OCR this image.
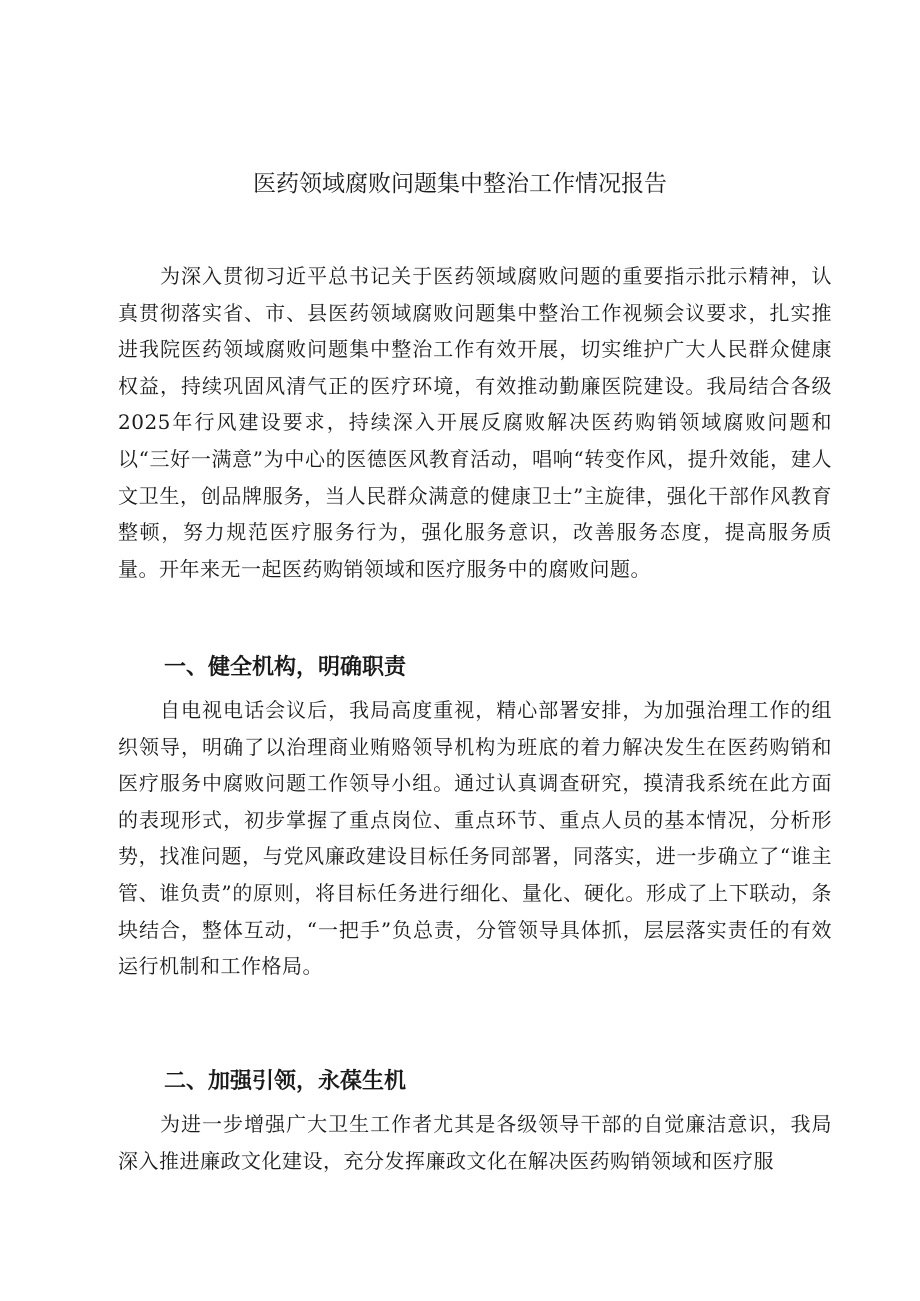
医药领域腐败问题集中整治工作情况报告

为深入贯彻习近平总书记关于医药领域腐败问题的重要指示批示精神，认真贯彻落实省、市、县医药领域腐败问题集中整治工作视频会议要求，扎实推进我院医药领域腐败问题集中整治工作有效开展，切实维护广大人民群众健康权益，持续巩固风清气正的医疗环境，有效推动勤廉医院建设。我局结合各级2025年行风建设要求，持续深入开展反腐败解决医药购销领域腐败问题和以“三好一满意”为中心的医德医风教育活动，唱响“转变作风，提升效能，建人文卫生，创品牌服务，当人民群众满意的健康卫士”主旋律，强化干部作风教育整顿，努力规范医疗服务行为，强化服务意识，改善服务态度，提高服务质量。开年来无一起医药购销领域和医疗服务中的腐败问题。

一、健全机构，明确职责

自电视电话会议后，我局高度重视，精心部署安排，为加强治理工作的组织领导，明确了以治理商业贿赂领导机构为班底的着力解决发生在医药购销和医疗服务中腐败问题工作领导小组。通过认真调查研究，摸清我系统在此方面的表现形式，初步掌握了重点岗位、重点环节、重点人员的基本情况，分析形势，找准问题，与党风廉政建设目标任务同部署，同落实，进一步确立了“谁主管、谁负责”的原则，将目标任务进行细化、量化、硬化。形成了上下联动，条块结合，整体互动，“一把手”负总责，分管领导具体抓，层层落实责任的有效运行机制和工作格局。

二、加强引领，永葆生机

为进一步增强广大卫生工作者尤其是各级领导干部的自觉廉洁意识，我局深入推进廉政文化建设，充分发挥廉政文化在解决医药购销领域和医疗服
